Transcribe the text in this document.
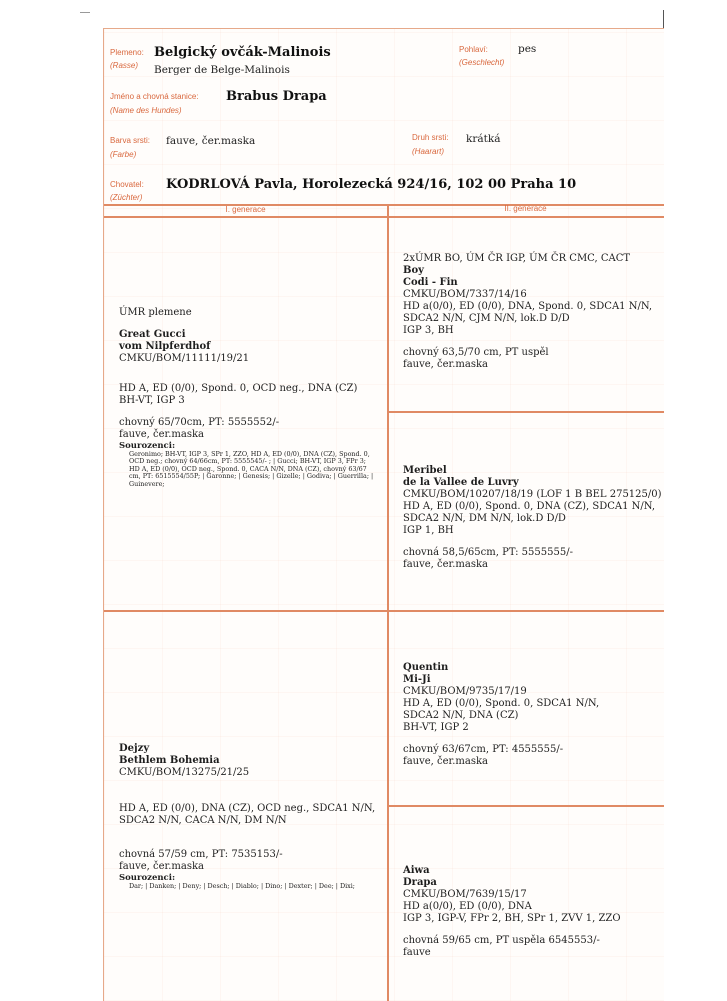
Plemeno:
(Rasse)
Belgický ovčák-Malinois
Berger de Belge-Malinois
Pohlaví:
(Geschlecht)
pes
Jméno a chovná stanice:
(Name des Hundes)
Brabus Drapa
Barva srsti:
(Farbe)
fauve, čer.maska	Druh srsti:
(Haarart)
krátká
Chovatel:
(Züchter)
KODRLOVÁ Pavla, Horolezecká 924/16, 102 00 Praha 10
I. generace	II. generace
ÚMR plemene
Great Gucci
vom Nilpferdhof
CMKU/BOM/11111/19/21
HD A, ED (0/0), Spond. 0, OCD neg., DNA (CZ)
BH-VT, IGP 3
chovný 65/70cm, PT: 5555552/-
fauve, čer.maska
Sourozenci:
Geronimo; BH-VT, IGP 3, SPr 1, ZZO, HD A, ED (0/0), DNA (CZ), Spond. 0, OCD neg.; chovný 64/66cm, PT: 5555545/- ; | Gucci; BH-VT, IGP 3, FPr 3; HD A, ED (0/0), OCD neg., Spond. 0, CACA N/N, DNA (CZ), chovný 63/67 cm, PT: 6515554/55P; | Garonne; | Genesis; | Gizelle; | Godiva; | Guerrilla; | Guinevere;
2xÚMR BO, ÚM ČR IGP, ÚM ČR CMC, CACT
Boy
Codi - Fin
CMKU/BOM/7337/14/16
HD a(0/0), ED (0/0), DNA, Spond. 0, SDCA1 N/N,
SDCA2 N/N, CJM N/N, lok.D D/D
IGP 3, BH
chovný 63,5/70 cm, PT uspěl
fauve, čer.maska
Meribel
de la Vallee de Luvry
CMKU/BOM/10207/18/19 (LOF 1 B BEL 275125/0)
HD A, ED (0/0), Spond. 0, DNA (CZ), SDCA1 N/N,
SDCA2 N/N, DM N/N, lok.D D/D
IGP 1, BH
chovná 58,5/65cm, PT: 5555555/-
fauve, čer.maska
Dejzy
Bethlem Bohemia
CMKU/BOM/13275/21/25
HD A, ED (0/0), DNA (CZ), OCD neg., SDCA1 N/N,
SDCA2 N/N, CACA N/N, DM N/N
chovná 57/59 cm, PT: 7535153/-
fauve, čer.maska
Sourozenci:
Dar; | Danken; | Deny; | Desch; | Diablo; | Dino; | Dexter; | Dee; | Dixi;
Quentin
Mi-Ji
CMKU/BOM/9735/17/19
HD A, ED (0/0), Spond. 0, SDCA1 N/N,
SDCA2 N/N, DNA (CZ)
BH-VT, IGP 2
chovný 63/67cm, PT: 4555555/-
fauve, čer.maska
Aiwa
Drapa
CMKU/BOM/7639/15/17
HD a(0/0), ED (0/0), DNA
IGP 3, IGP-V, FPr 2, BH, SPr 1, ZVV 1, ZZO
chovná 59/65 cm, PT uspěla 6545553/-
fauve
